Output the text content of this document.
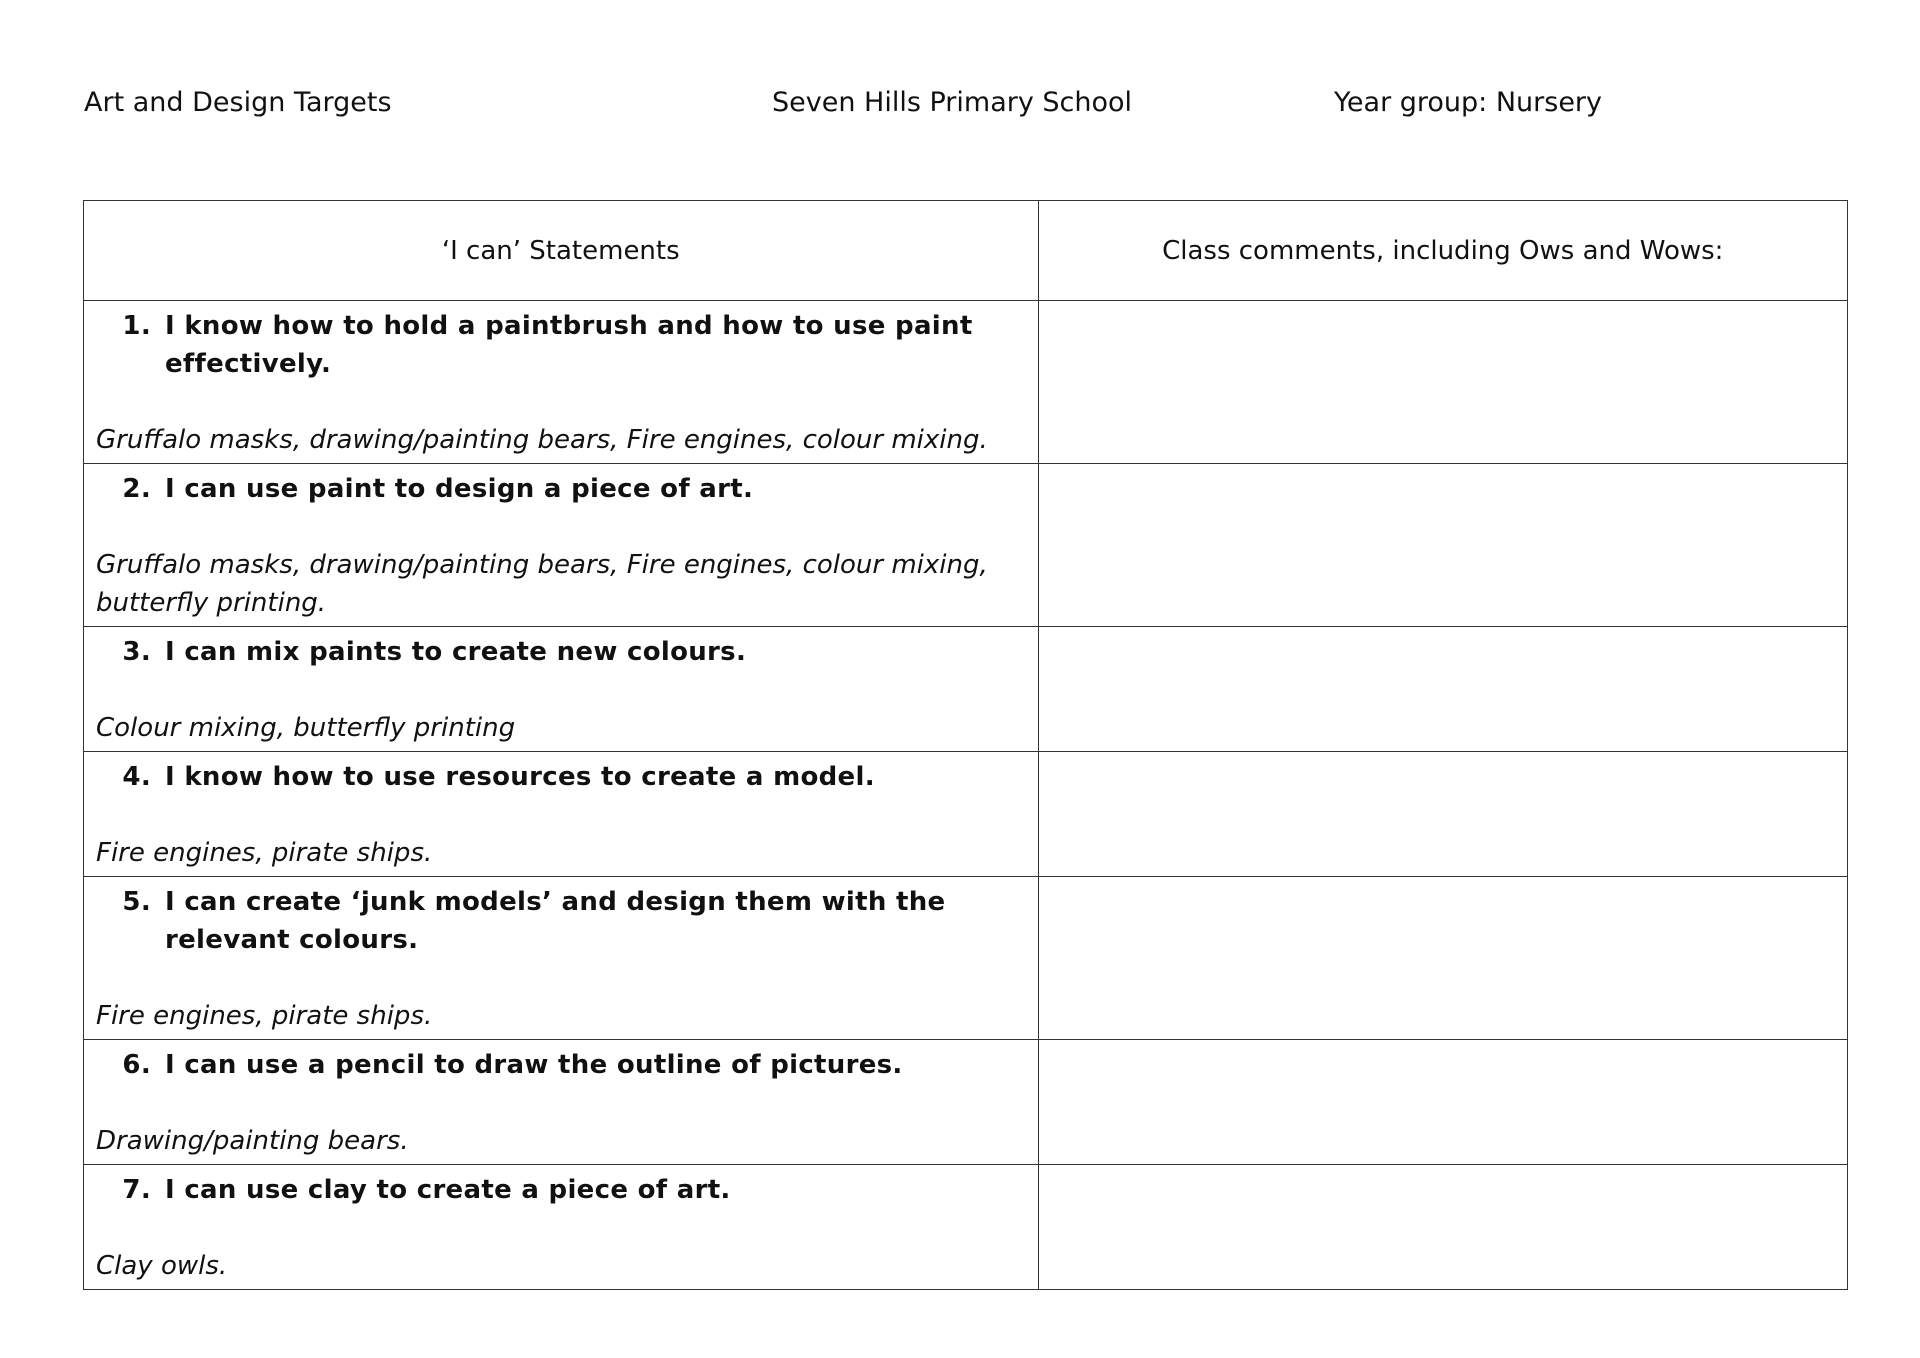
Art and Design Targets	Seven Hills Primary School	Year group: Nursery
‘I can’ Statements	Class comments, including Ows and Wows:

1. I know how to hold a paintbrush and how to use paint effectively.
Gruffalo masks, drawing/painting bears, Fire engines, colour mixing.	

2. I can use paint to design a piece of art.
Gruffalo masks, drawing/painting bears, Fire engines, colour mixing, butterfly printing.	

3. I can mix paints to create new colours.
Colour mixing, butterfly printing	

4. I know how to use resources to create a model.
Fire engines, pirate ships.	

5. I can create ‘junk models’ and design them with the relevant colours.
Fire engines, pirate ships.	

6. I can use a pencil to draw the outline of pictures.
Drawing/painting bears.	

7. I can use clay to create a piece of art.
Clay owls.	
